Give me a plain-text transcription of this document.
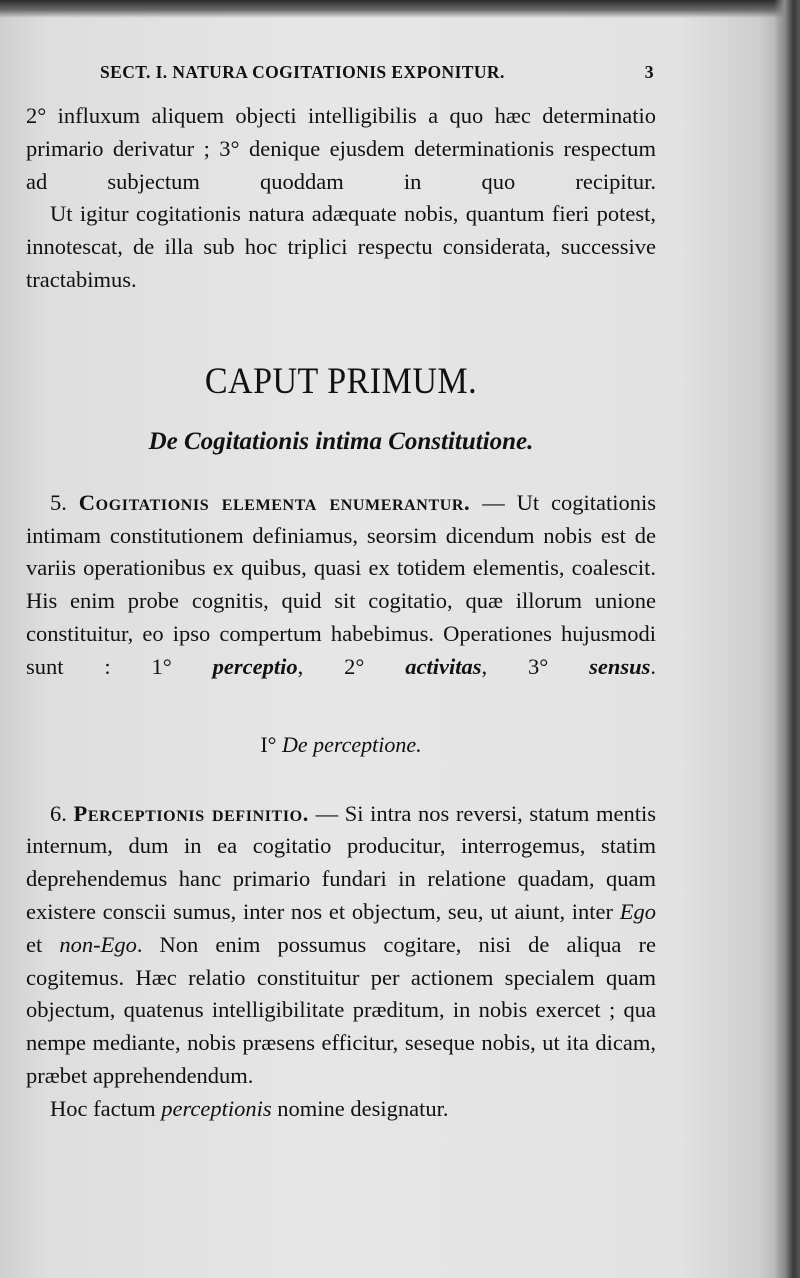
SECT. I. NATURA COGITATIONIS EXPONITUR.	3

2° influxum aliquem objecti intelligibilis a quo hæc determinatio primario derivatur ; 3° denique ejusdem determinationis respectum ad subjectum quoddam in quo recipitur.

Ut igitur cogitationis natura adæquate nobis, quantum fieri potest, innotescat, de illa sub hoc triplici respectu considerata, successive tractabimus.

CAPUT PRIMUM.
De Cogitationis intima Constitutione.

5. Cogitationis elementa enumerantur. — Ut cogitationis intimam constitutionem definiamus, seorsim dicendum nobis est de variis operationibus ex quibus, quasi ex totidem elementis, coalescit. His enim probe cognitis, quid sit cogitatio, quæ illorum unione constituitur, eo ipso compertum habebimus. Operationes hujusmodi sunt : 1° perceptio, 2° activitas, 3° sensus.

I° De perceptione.

6. Perceptionis definitio. — Si intra nos reversi, statum mentis internum, dum in ea cogitatio producitur, interrogemus, statim deprehendemus hanc primario fundari in relatione quadam, quam existere conscii sumus, inter nos et objectum, seu, ut aiunt, inter Ego et non-Ego. Non enim possumus cogitare, nisi de aliqua re cogitemus. Hæc relatio constituitur per actionem specialem quam objectum, quatenus intelligibilitate præditum, in nobis exercet ; qua nempe mediante, nobis præsens efficitur, seseque nobis, ut ita dicam, præbet apprehendendum.

Hoc factum perceptionis nomine designatur.
